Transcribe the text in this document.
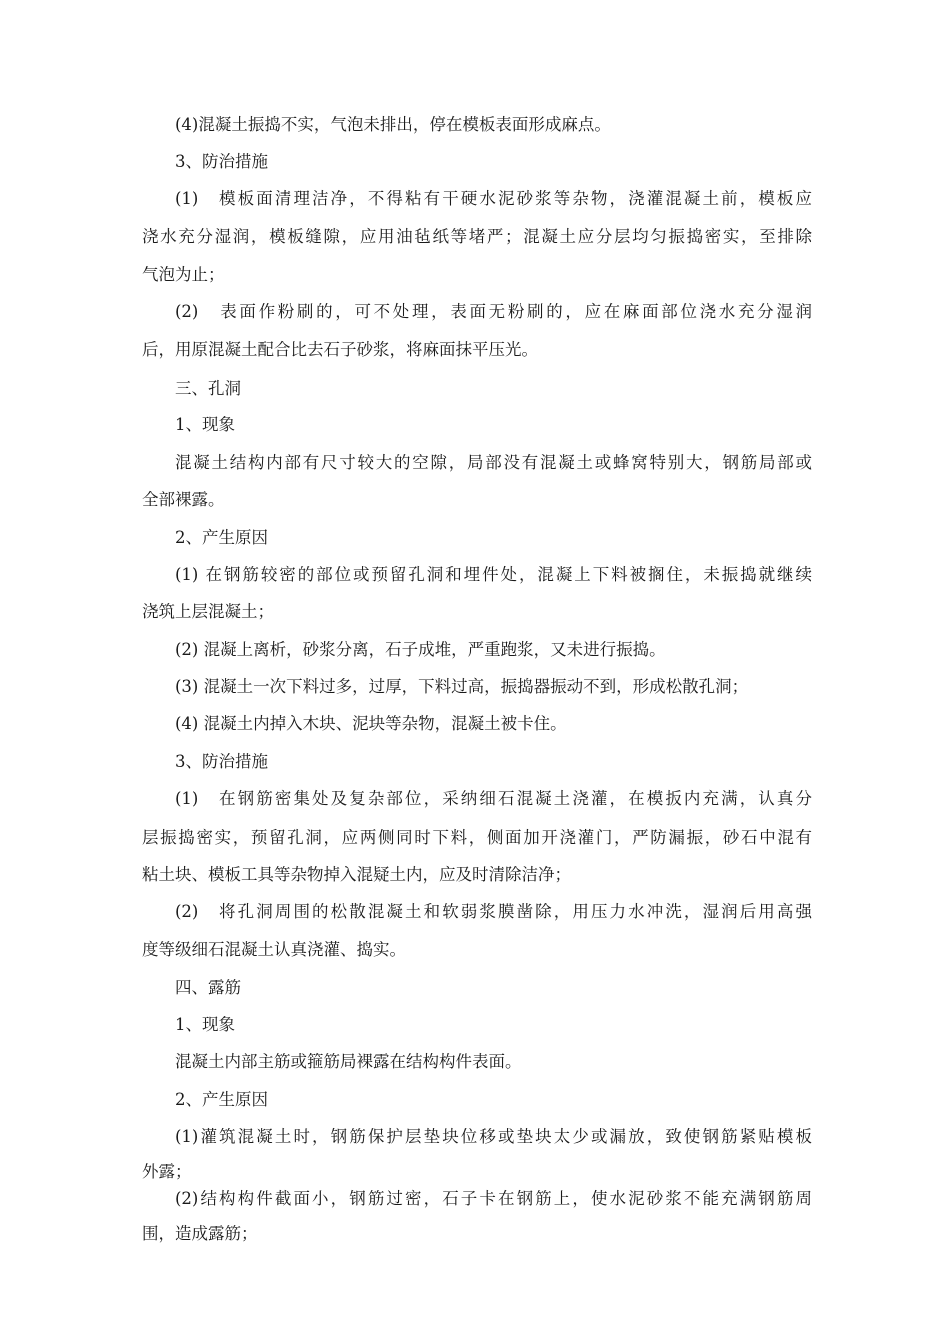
(4)混凝土振捣不实，气泡未排出，停在模板表面形成麻点。
3、防治措施
(1)　模板面清理洁净，不得粘有干硬水泥砂浆等杂物，浇灌混凝土前，模板应
浇水充分湿润，模板缝隙，应用油毡纸等堵严；混凝土应分层均匀振捣密实，至排除
气泡为止；
(2)　表面作粉刷的，可不处理，表面无粉刷的，应在麻面部位浇水充分湿润
后，用原混凝土配合比去石子砂浆，将麻面抹平压光。
三、孔洞
1、现象
混凝土结构内部有尺寸较大的空隙，局部没有混凝土或蜂窝特别大，钢筋局部或
全部裸露。
2、产生原因
(1) 在钢筋较密的部位或预留孔洞和埋件处，混凝上下料被搁住，未振捣就继续
浇筑上层混凝土；
(2) 混凝上离析，砂浆分离，石子成堆，严重跑浆，又未进行振捣。
(3) 混凝土一次下料过多，过厚，下料过高，振捣器振动不到，形成松散孔洞；
(4) 混凝土内掉入木块、泥块等杂物，混凝土被卡住。
3、防治措施
(1)　在钢筋密集处及复杂部位，采纳细石混凝土浇灌，在模扳内充满，认真分
层振捣密实，预留孔洞，应两侧同时下料，侧面加开浇灌门，严防漏振，砂石中混有
粘土块、模板工具等杂物掉入混疑土内，应及时清除洁净；
(2)　将孔洞周围的松散混凝土和软弱浆膜凿除，用压力水冲洗，湿润后用高强
度等级细石混凝土认真浇灌、捣实。
四、露筋
1、现象
混凝土内部主筋或箍筋局裸露在结构构件表面。
2、产生原因
(1)灌筑混凝土时，钢筋保护层垫块位移或垫块太少或漏放，致使钢筋紧贴模板
外露；
(2)结构构件截面小，钢筋过密，石子卡在钢筋上，使水泥砂浆不能充满钢筋周
围，造成露筋；
